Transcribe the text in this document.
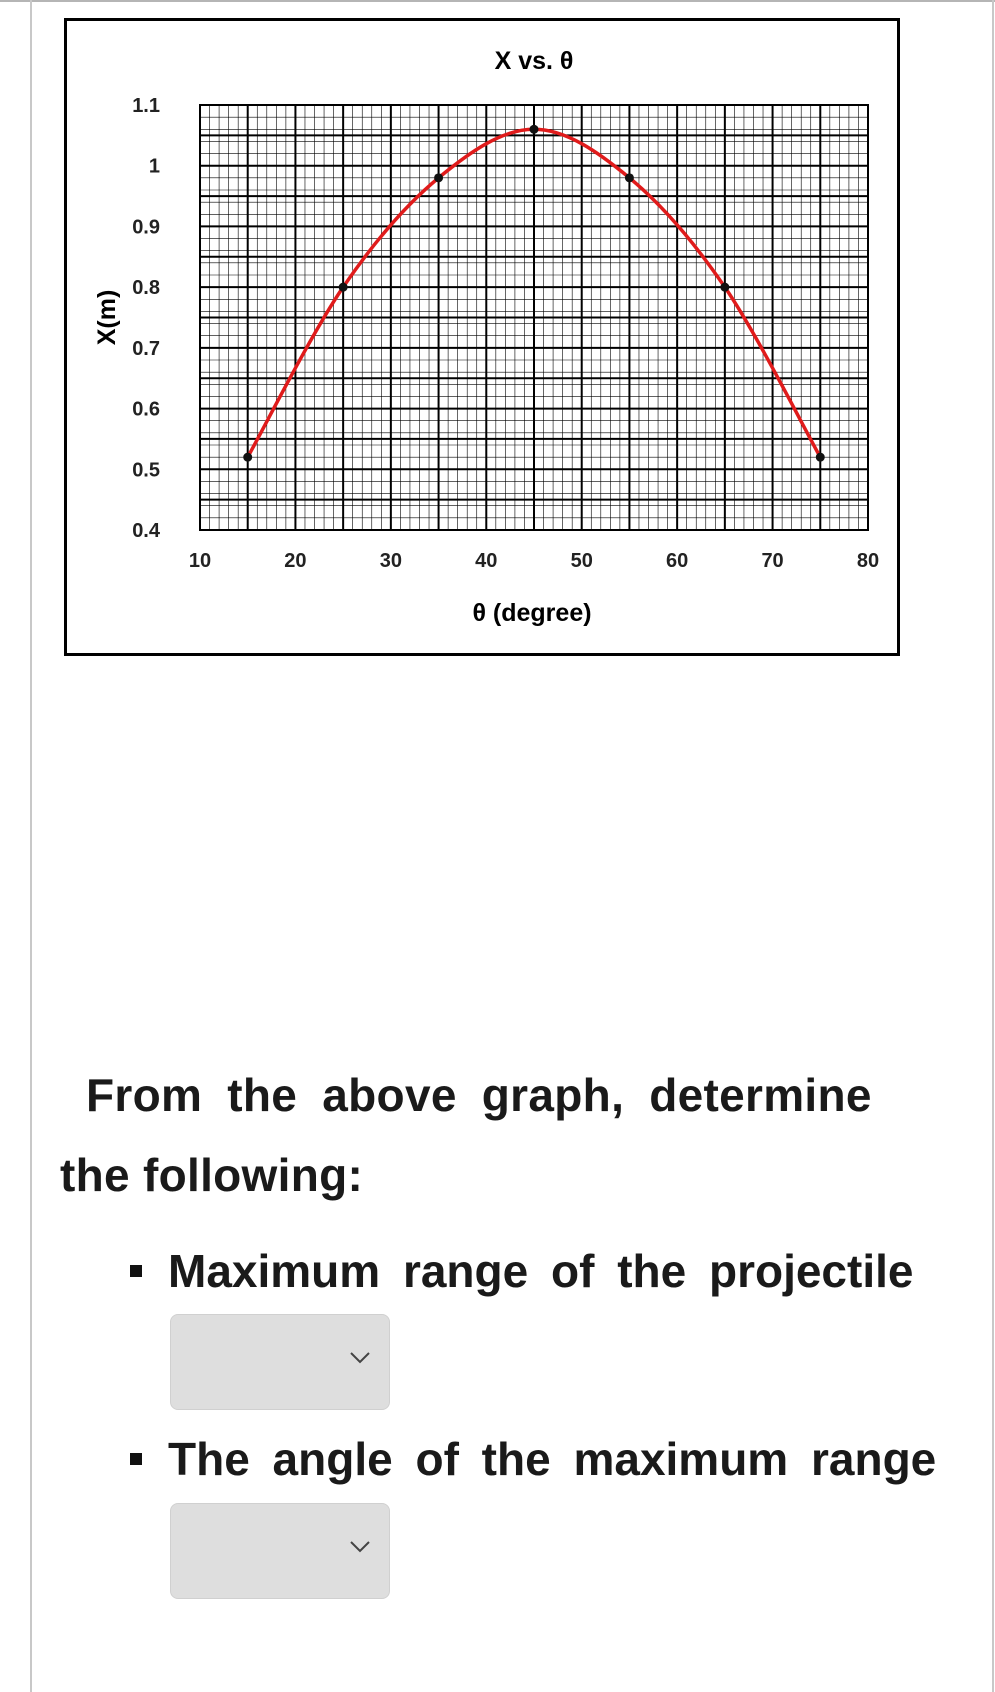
X vs. θ
θ (degree)
X(m)
10	20	30	40	50	60	70	80
0.4
0.5
0.6
0.7
0.8
0.9
1
1.1
From the above graph, determine
the following:
Maximum range of the projectile
The angle of the maximum range
